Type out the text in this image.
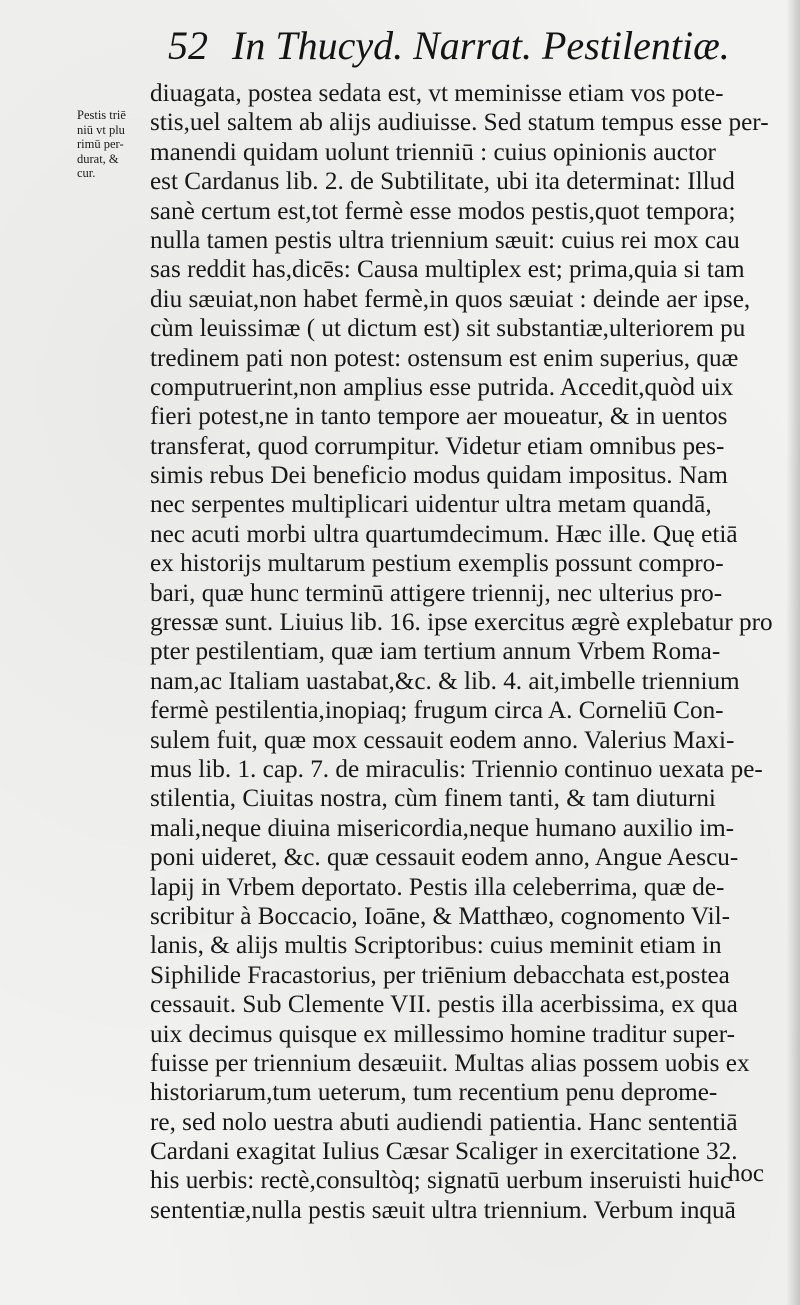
52 In Thucyd. Narrat. Pestilentiæ.
Pestis triē
niū vt plu
rimū per-
durat, &
cur.
diuagata, postea sedata est, vt meminisse etiam vos pote-
stis,uel saltem ab alijs audiuisse. Sed statum tempus esse per-
manendi quidam uolunt trienniū : cuius opinionis auctor
est Cardanus lib. 2. de Subtilitate, ubi ita determinat: Illud
sanè certum est,tot fermè esse modos pestis,quot tempora;
nulla tamen pestis ultra triennium sæuit: cuius rei mox cau
sas reddit has,dicēs: Causa multiplex est; prima,quia si tam
diu sæuiat,non habet fermè,in quos sæuiat : deinde aer ipse,
cùm leuissimæ ( ut dictum est) sit substantiæ,ulteriorem pu
tredinem pati non potest: ostensum est enim superius, quæ
computruerint,non amplius esse putrida. Accedit,quòd uix
fieri potest,ne in tanto tempore aer moueatur, & in uentos
transferat, quod corrumpitur. Videtur etiam omnibus pes-
simis rebus Dei beneficio modus quidam impositus. Nam
nec serpentes multiplicari uidentur ultra metam quandā,
nec acuti morbi ultra quartumdecimum. Hæc ille. Quę etiā
ex historijs multarum pestium exemplis possunt compro-
bari, quæ hunc terminū attigere triennij, nec ulterius pro-
gressæ sunt. Liuius lib. 16. ipse exercitus ægrè explebatur pro
pter pestilentiam, quæ iam tertium annum Vrbem Roma-
nam,ac Italiam uastabat,&c. & lib. 4. ait,imbelle triennium
fermè pestilentia,inopiaq; frugum circa A. Corneliū Con-
sulem fuit, quæ mox cessauit eodem anno. Valerius Maxi-
mus lib. 1. cap. 7. de miraculis: Triennio continuo uexata pe-
stilentia, Ciuitas nostra, cùm finem tanti, & tam diuturni
mali,neque diuina misericordia,neque humano auxilio im-
poni uideret, &c. quæ cessauit eodem anno, Angue Aescu-
lapij in Vrbem deportato. Pestis illa celeberrima, quæ de-
scribitur à Boccacio, Ioāne, & Matthæo, cognomento Vil-
lanis, & alijs multis Scriptoribus: cuius meminit etiam in
Siphilide Fracastorius, per triēnium debacchata est,postea
cessauit. Sub Clemente VII. pestis illa acerbissima, ex qua
uix decimus quisque ex millessimo homine traditur super-
fuisse per triennium desæuiit. Multas alias possem uobis ex
historiarum,tum ueterum, tum recentium penu deprome-
re, sed nolo uestra abuti audiendi patientia. Hanc sententiā
Cardani exagitat Iulius Cæsar Scaliger in exercitatione 32.
his uerbis: rectè,consultòq; signatū uerbum inseruisti huic
sententiæ,nulla pestis sæuit ultra triennium. Verbum inquā
hoc
